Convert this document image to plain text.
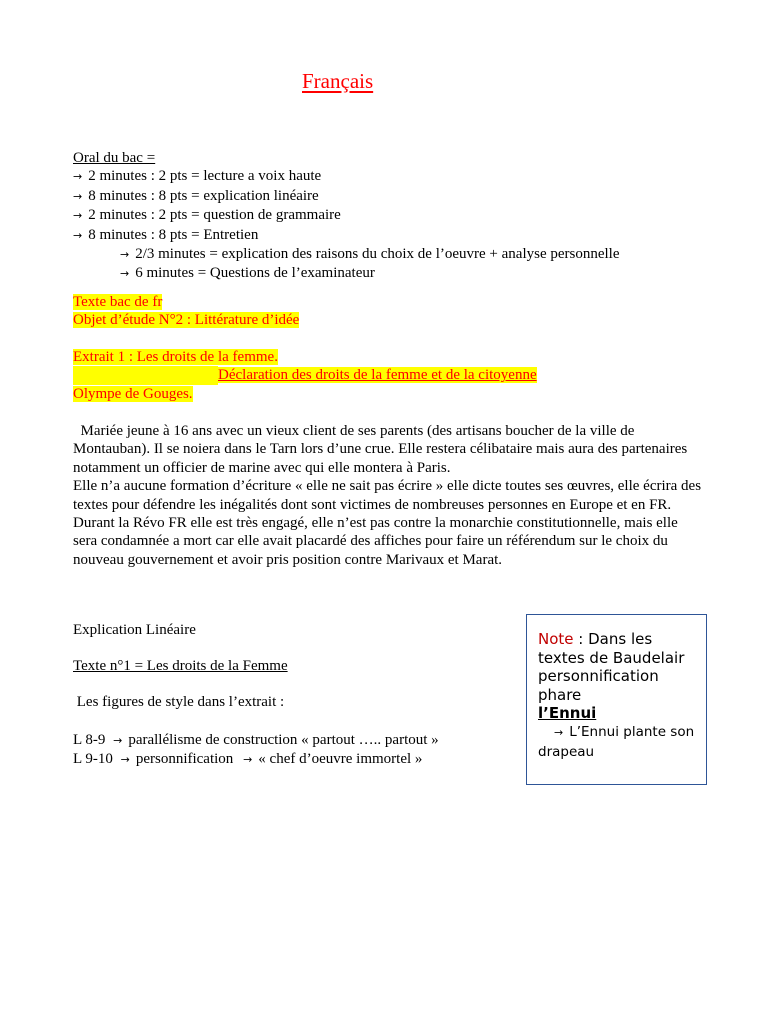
Français
Oral du bac =
→ 2 minutes : 2 pts = lecture a voix haute
→ 8 minutes : 8 pts = explication linéaire
→ 2 minutes : 2 pts = question de grammaire
→ 8 minutes : 8 pts = Entretien
→ 2/3 minutes = explication des raisons du choix de l’oeuvre + analyse personnelle
→ 6 minutes = Questions de l’examinateur
Texte bac de fr
Objet d’étude N°2 : Littérature d’idée
Extrait 1 : Les droits de la femme.
Déclaration des droits de la femme et de la citoyenne
Olympe de Gouges.

Mariée jeune à 16 ans avec un vieux client de ses parents (des artisans boucher de la ville de Montauban). Il se noiera dans le Tarn lors d’une crue. Elle restera célibataire mais aura des partenaires notamment un officier de marine avec qui elle montera à Paris.

Elle n’a aucune formation d’écriture « elle ne sait pas écrire » elle dicte toutes ses œuvres, elle écrira des textes pour défendre les inégalités dont sont victimes de nombreuses personnes en Europe et en FR.

Durant la Révo FR elle est très engagé, elle n’est pas contre la monarchie constitutionnelle, mais elle sera condamnée a mort car elle avait placardé des affiches pour faire un référendum sur le choix du nouveau gouvernement et avoir pris position contre Marivaux et Marat.

Explication Linéaire
Texte n°1 = Les droits de la Femme
Les figures de style dans l’extrait :
L 8-9 → parallélisme de construction « partout ….. partout »
L 9-10 → personnification → « chef d’oeuvre immortel »
Note : Dans les textes de Baudelair personnification phare
l’Ennui
→ L’Ennui plante son drapeau
